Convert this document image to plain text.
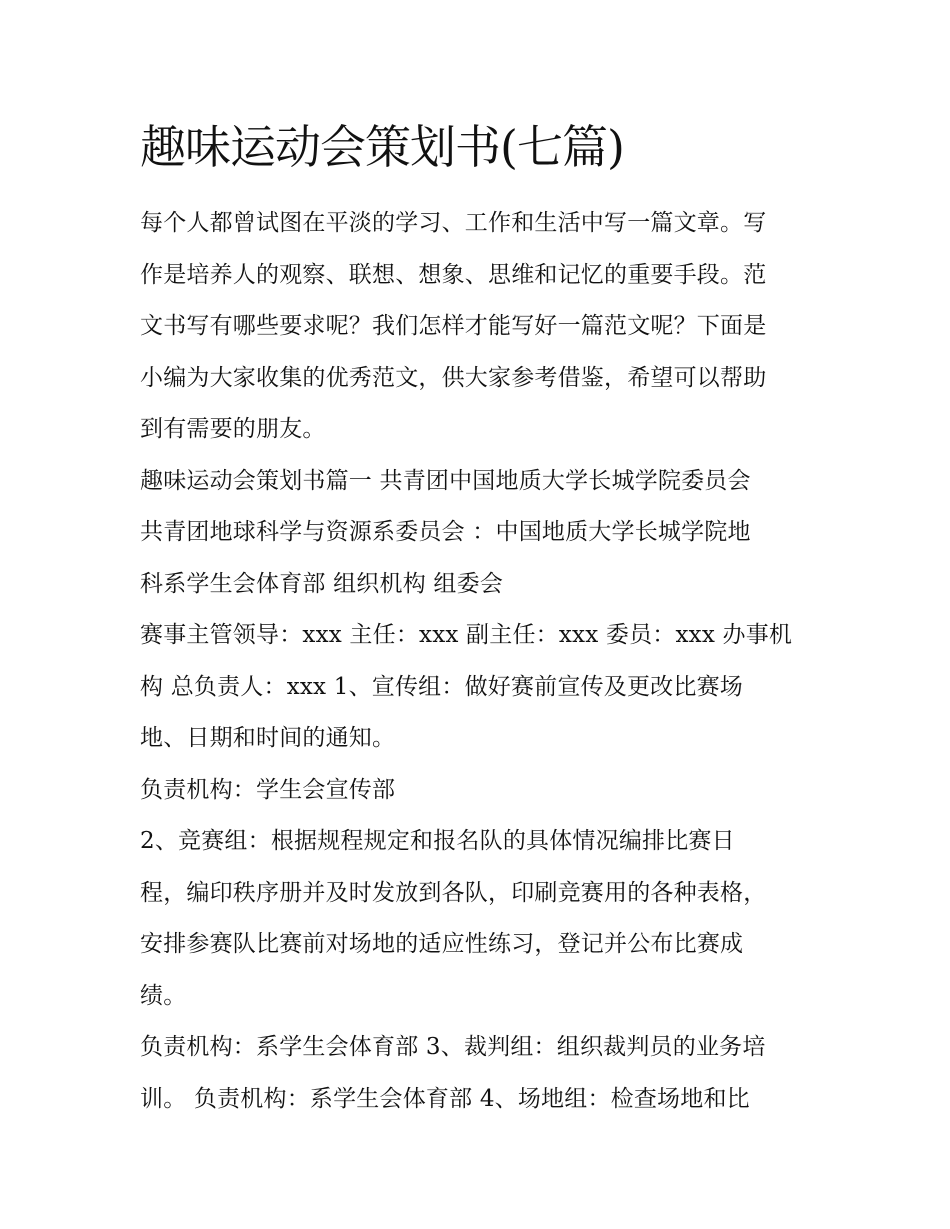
趣味运动会策划书(七篇)
每个人都曾试图在平淡的学习、工作和生活中写一篇文章。写
作是培养人的观察、联想、想象、思维和记忆的重要手段。范
文书写有哪些要求呢？我们怎样才能写好一篇范文呢？下面是
小编为大家收集的优秀范文，供大家参考借鉴，希望可以帮助
到有需要的朋友。
趣味运动会策划书篇一 共青团中国地质大学长城学院委员会
共青团地球科学与资源系委员会 ：中国地质大学长城学院地
科系学生会体育部 组织机构 组委会
赛事主管领导：xxx 主任：xxx 副主任：xxx 委员：xxx 办事机
构 总负责人：xxx 1、宣传组：做好赛前宣传及更改比赛场
地、日期和时间的通知。
负责机构：学生会宣传部
2、竞赛组：根据规程规定和报名队的具体情况编排比赛日
程，编印秩序册并及时发放到各队，印刷竞赛用的各种表格，
安排参赛队比赛前对场地的适应性练习，登记并公布比赛成
绩。
负责机构：系学生会体育部 3、裁判组：组织裁判员的业务培
训。 负责机构：系学生会体育部 4、场地组：检查场地和比
